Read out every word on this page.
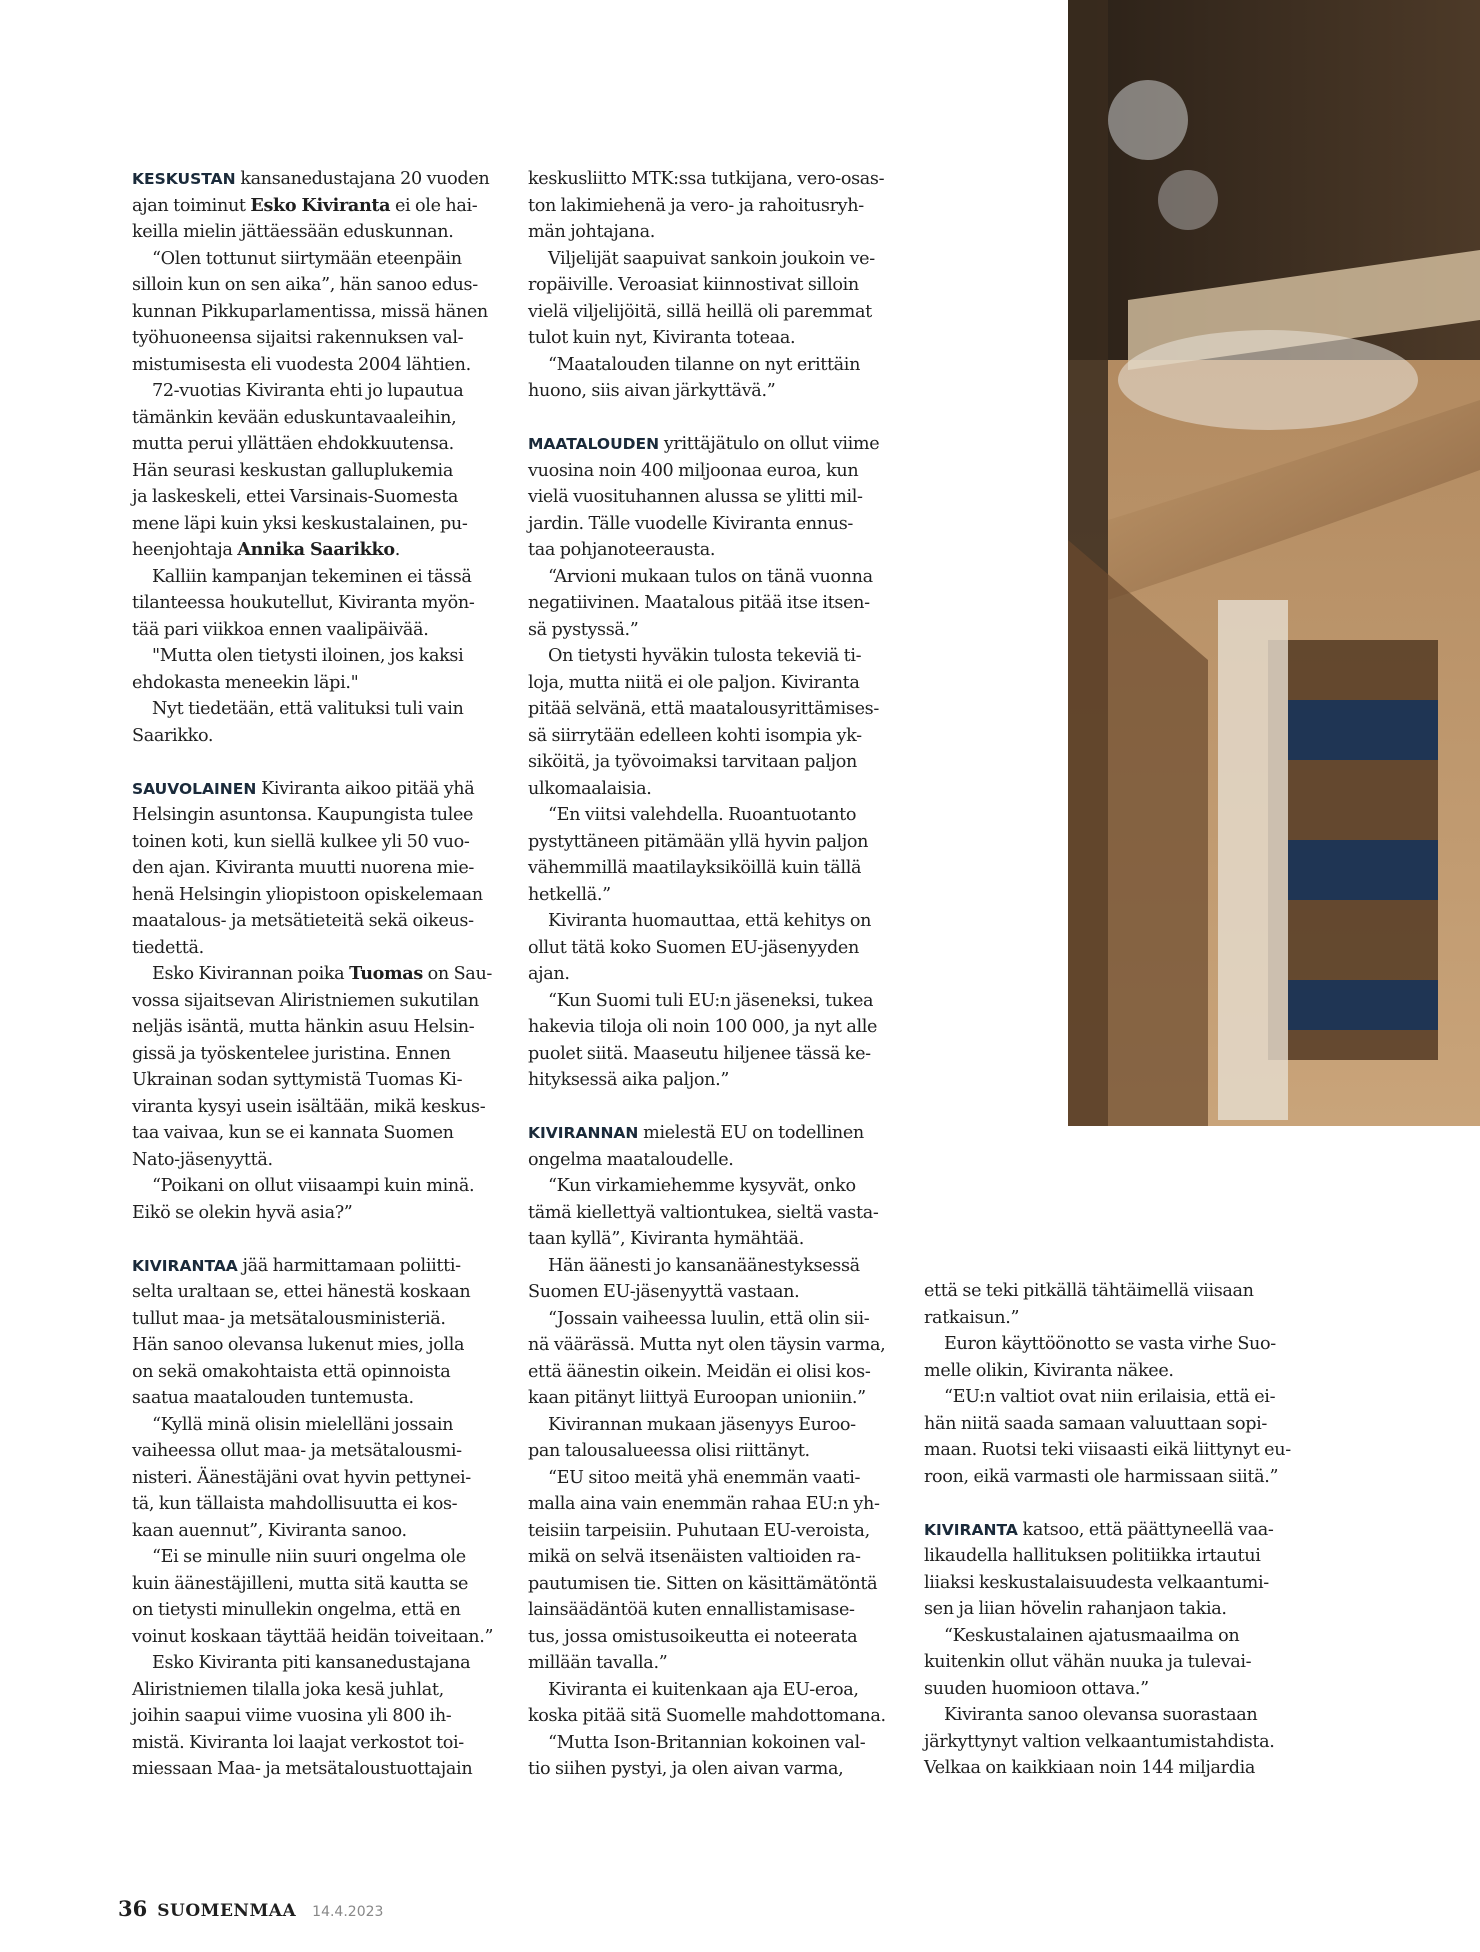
KESKUSTAN kansanedustajana 20 vuoden

ajan toiminut Esko Kiviranta ei ole hai-

keilla mielin jättäessään eduskunnan.

“Olen tottunut siirtymään eteenpäin

silloin kun on sen aika”, hän sanoo edus-

kunnan Pikkuparlamentissa, missä hänen

työhuoneensa sijaitsi rakennuksen val-

mistumisesta eli vuodesta 2004 lähtien.

72-vuotias Kiviranta ehti jo lupautua

tämänkin kevään eduskuntavaaleihin,

mutta perui yllättäen ehdokkuutensa.

Hän seurasi keskustan galluplukemia

ja laskeskeli, ettei Varsinais-Suomesta

mene läpi kuin yksi keskustalainen, pu-

heenjohtaja Annika Saarikko.

Kalliin kampanjan tekeminen ei tässä

tilanteessa houkutellut, Kiviranta myön-

tää pari viikkoa ennen vaalipäivää.

"Mutta olen tietysti iloinen, jos kaksi

ehdokasta meneekin läpi."

Nyt tiedetään, että valituksi tuli vain

Saarikko.

SAUVOLAINEN Kiviranta aikoo pitää yhä

Helsingin asuntonsa. Kaupungista tulee

toinen koti, kun siellä kulkee yli 50 vuo-

den ajan. Kiviranta muutti nuorena mie-

henä Helsingin yliopistoon opiskelemaan

maatalous- ja metsätieteitä sekä oikeus-

tiedettä.

Esko Kivirannan poika Tuomas on Sau-

vossa sijaitsevan Aliristniemen sukutilan

neljäs isäntä, mutta hänkin asuu Helsin-

gissä ja työskentelee juristina. Ennen

Ukrainan sodan syttymistä Tuomas Ki-

viranta kysyi usein isältään, mikä keskus-

taa vaivaa, kun se ei kannata Suomen

Nato-jäsenyyttä.

“Poikani on ollut viisaampi kuin minä.

Eikö se olekin hyvä asia?”

KIVIRANTAA jää harmittamaan poliitti-

selta uraltaan se, ettei hänestä koskaan

tullut maa- ja metsätalousministeriä.

Hän sanoo olevansa lukenut mies, jolla

on sekä omakohtaista että opinnoista

saatua maatalouden tuntemusta.

“Kyllä minä olisin mielelläni jossain

vaiheessa ollut maa- ja metsätalousmi-

nisteri. Äänestäjäni ovat hyvin pettynei-

tä, kun tällaista mahdollisuutta ei kos-

kaan auennut”, Kiviranta sanoo.

“Ei se minulle niin suuri ongelma ole

kuin äänestäjilleni, mutta sitä kautta se

on tietysti minullekin ongelma, että en

voinut koskaan täyttää heidän toiveitaan.”

Esko Kiviranta piti kansanedustajana

Aliristniemen tilalla joka kesä juhlat,

joihin saapui viime vuosina yli 800 ih-

mistä. Kiviranta loi laajat verkostot toi-

miessaan Maa- ja metsätaloustuottajain

keskusliitto MTK:ssa tutkijana, vero-osas-

ton lakimiehenä ja vero- ja rahoitusryh-

män johtajana.

Viljelijät saapuivat sankoin joukoin ve-

ropäiville. Veroasiat kiinnostivat silloin

vielä viljelijöitä, sillä heillä oli paremmat

tulot kuin nyt, Kiviranta toteaa.

“Maatalouden tilanne on nyt erittäin

huono, siis aivan järkyttävä.”

MAATALOUDEN yrittäjätulo on ollut viime

vuosina noin 400 miljoonaa euroa, kun

vielä vuosituhannen alussa se ylitti mil-

jardin. Tälle vuodelle Kiviranta ennus-

taa pohjanoteerausta.

“Arvioni mukaan tulos on tänä vuonna

negatiivinen. Maatalous pitää itse itsen-

sä pystyssä.”

On tietysti hyväkin tulosta tekeviä ti-

loja, mutta niitä ei ole paljon. Kiviranta

pitää selvänä, että maatalousyrittämises-

sä siirrytään edelleen kohti isompia yk-

siköitä, ja työvoimaksi tarvitaan paljon

ulkomaalaisia.

“En viitsi valehdella. Ruoantuotanto

pystyttäneen pitämään yllä hyvin paljon

vähemmillä maatilayksiköillä kuin tällä

hetkellä.”

Kiviranta huomauttaa, että kehitys on

ollut tätä koko Suomen EU-jäsenyyden

ajan.

“Kun Suomi tuli EU:n jäseneksi, tukea

hakevia tiloja oli noin 100 000, ja nyt alle

puolet siitä. Maaseutu hiljenee tässä ke-

hityksessä aika paljon.”

KIVIRANNAN mielestä EU on todellinen

ongelma maataloudelle.

“Kun virkamiehemme kysyvät, onko

tämä kiellettyä valtiontukea, sieltä vasta-

taan kyllä”, Kiviranta hymähtää.

Hän äänesti jo kansanäänestyksessä

Suomen EU-jäsenyyttä vastaan.

“Jossain vaiheessa luulin, että olin sii-

nä väärässä. Mutta nyt olen täysin varma,

että äänestin oikein. Meidän ei olisi kos-

kaan pitänyt liittyä Euroopan unioniin.”

Kivirannan mukaan jäsenyys Euroo-

pan talousalueessa olisi riittänyt.

“EU sitoo meitä yhä enemmän vaati-

malla aina vain enemmän rahaa EU:n yh-

teisiin tarpeisiin. Puhutaan EU-veroista,

mikä on selvä itsenäisten valtioiden ra-

pautumisen tie. Sitten on käsittämätöntä

lainsäädäntöä kuten ennallistamisase-

tus, jossa omistusoikeutta ei noteerata

millään tavalla.”

Kiviranta ei kuitenkaan aja EU-eroa,

koska pitää sitä Suomelle mahdottomana.

“Mutta Ison-Britannian kokoinen val-

tio siihen pystyi, ja olen aivan varma,

että se teki pitkällä tähtäimellä viisaan

ratkaisun.”

Euron käyttöönotto se vasta virhe Suo-

melle olikin, Kiviranta näkee.

“EU:n valtiot ovat niin erilaisia, että ei-

hän niitä saada samaan valuuttaan sopi-

maan. Ruotsi teki viisaasti eikä liittynyt eu-

roon, eikä varmasti ole harmissaan siitä.”

KIVIRANTA katsoo, että päättyneellä vaa-

likaudella hallituksen politiikka irtautui

liiaksi keskustalaisuudesta velkaantumi-

sen ja liian hövelin rahanjaon takia.

“Keskustalainen ajatusmaailma on

kuitenkin ollut vähän nuuka ja tulevai-

suuden huomioon ottava.”

Kiviranta sanoo olevansa suorastaan

järkyttynyt valtion velkaantumistahdista.

Velkaa on kaikkiaan noin 144 miljardia

36 SUOMENMAA 14.4.2023
